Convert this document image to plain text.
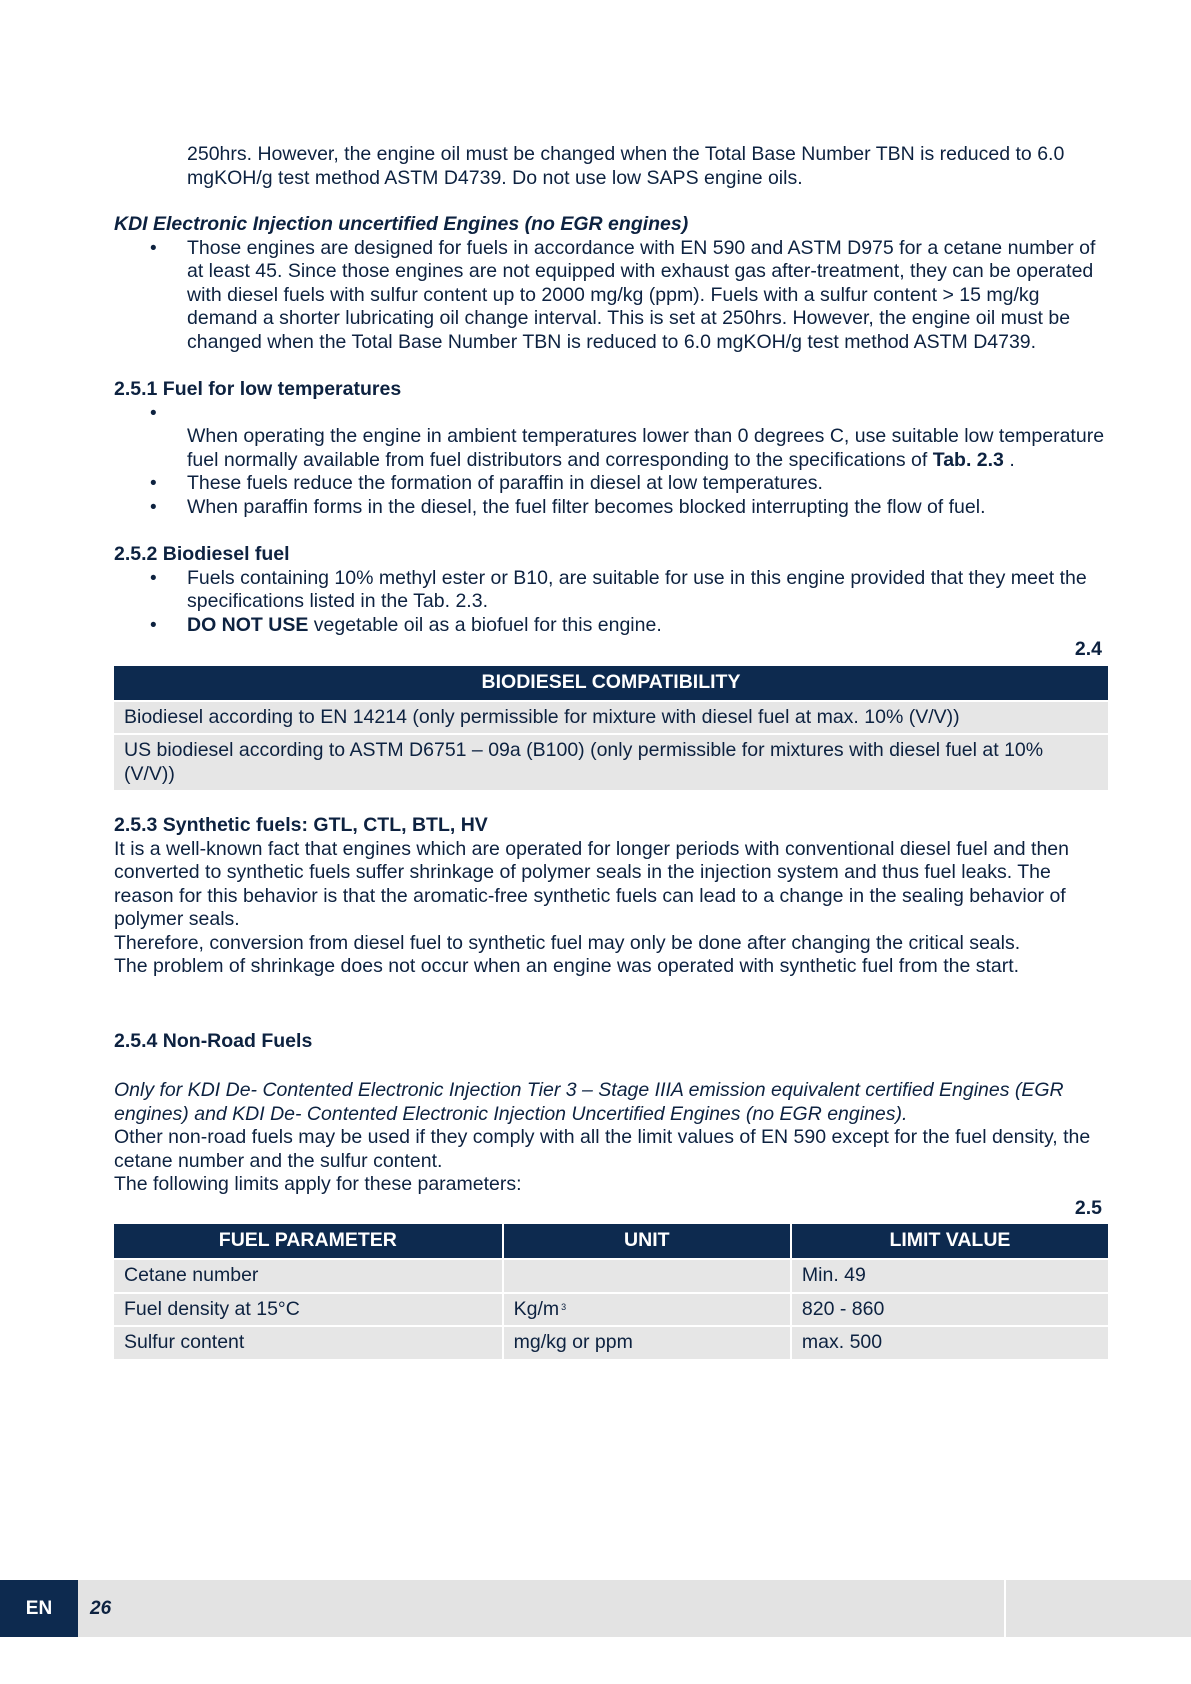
250hrs. However, the engine oil must be changed when the Total Base Number TBN is reduced to 6.0 mgKOH/g test method ASTM D4739. Do not use low SAPS engine oils.

KDI Electronic Injection uncertified Engines (no EGR engines)
• Those engines are designed for fuels in accordance with EN 590 and ASTM D975 for a cetane number of at least 45. Since those engines are not equipped with exhaust gas after-treatment, they can be operated with diesel fuels with sulfur content up to 2000 mg/kg (ppm). Fuels with a sulfur content > 15 mg/kg demand a shorter lubricating oil change interval. This is set at 250hrs. However, the engine oil must be changed when the Total Base Number TBN is reduced to 6.0 mgKOH/g test method ASTM D4739.
2.5.1 Fuel for low temperatures
• When operating the engine in ambient temperatures lower than 0 degrees C, use suitable low temperature fuel normally available from fuel distributors and corresponding to the specifications of Tab. 2.3 .
• These fuels reduce the formation of paraffin in diesel at low temperatures.
• When paraffin forms in the diesel, the fuel filter becomes blocked interrupting the flow of fuel.
2.5.2 Biodiesel fuel
• Fuels containing 10% methyl ester or B10, are suitable for use in this engine provided that they meet the specifications listed in the Tab. 2.3.
• DO NOT USE vegetable oil as a biofuel for this engine.
2.4
BIODIESEL COMPATIBILITY
Biodiesel according to EN 14214 (only permissible for mixture with diesel fuel at max. 10% (V/V))
US biodiesel according to ASTM D6751 – 09a (B100) (only permissible for mixtures with diesel fuel at 10% (V/V))
2.5.3 Synthetic fuels: GTL, CTL, BTL, HV

It is a well-known fact that engines which are operated for longer periods with conventional diesel fuel and then converted to synthetic fuels suffer shrinkage of polymer seals in the injection system and thus fuel leaks. The reason for this behavior is that the aromatic-free synthetic fuels can lead to a change in the sealing behavior of polymer seals.

Therefore, conversion from diesel fuel to synthetic fuel may only be done after changing the critical seals.

The problem of shrinkage does not occur when an engine was operated with synthetic fuel from the start.

2.5.4 Non-Road Fuels

Only for KDI De- Contented Electronic Injection Tier 3 – Stage IIIA emission equivalent certified Engines (EGR engines) and KDI De- Contented Electronic Injection Uncertified Engines (no EGR engines).

Other non-road fuels may be used if they comply with all the limit values of EN 590 except for the fuel density, the cetane number and the sulfur content.

The following limits apply for these parameters:

2.5
FUEL PARAMETER	UNIT	LIMIT VALUE
Cetane number		Min. 49
Fuel density at 15°C	Kg/m $^3$	820 - 860
Sulfur content	mg/kg or ppm	max. 500
EN	26
